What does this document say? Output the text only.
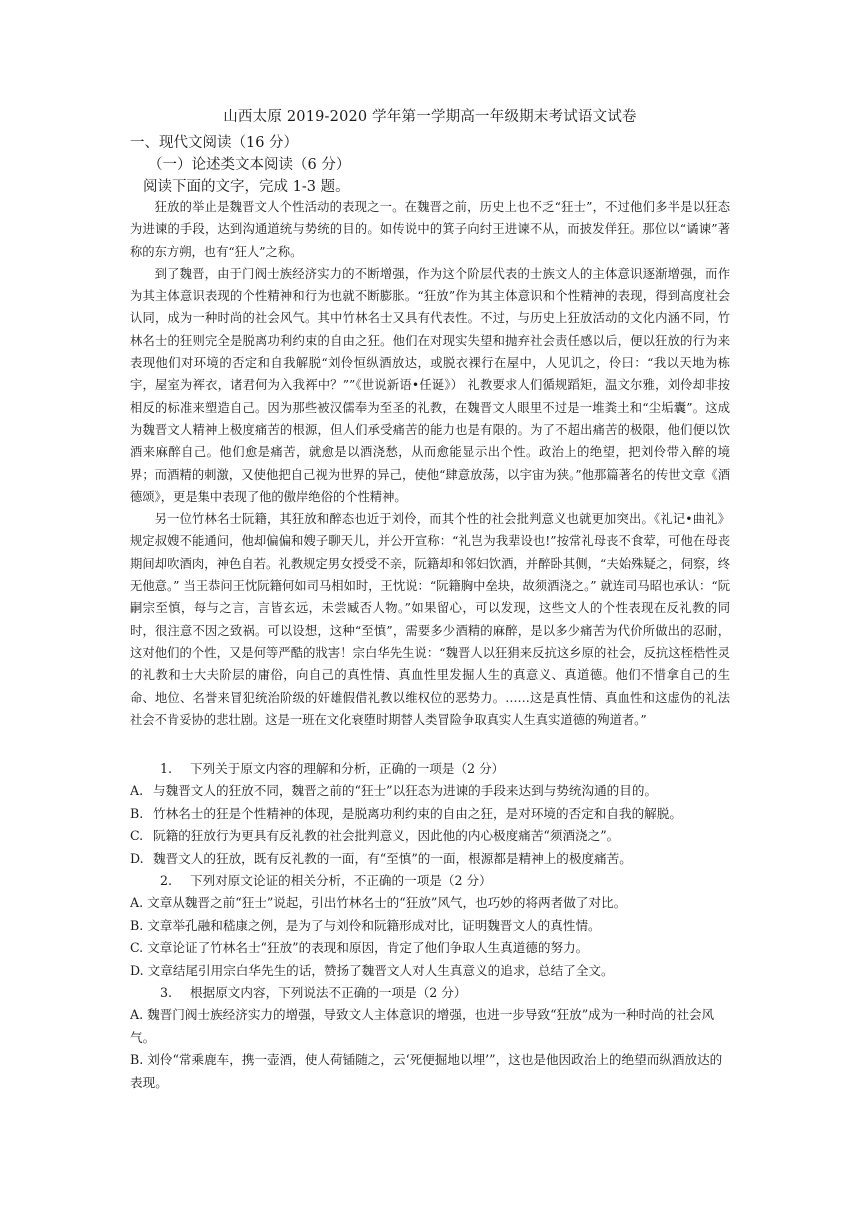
山西太原 2019-2020 学年第一学期高一年级期末考试语文试卷
一、现代文阅读（16 分）
（一）论述类文本阅读（6 分）
阅读下面的文字，完成 1-3 题。

狂放的举止是魏晋文人个性活动的表现之一。在魏晋之前，历史上也不乏“狂士”，不过他们多半是以狂态为进谏的手段，达到沟通道统与势统的目的。如传说中的箕子向纣王进谏不从，而披发佯狂。那位以“谲谏”著称的东方朔，也有“狂人”之称。

到了魏晋，由于门阀士族经济实力的不断增强，作为这个阶层代表的士族文人的主体意识逐渐增强，而作为其主体意识表现的个性精神和行为也就不断膨胀。“狂放”作为其主体意识和个性精神的表现，得到高度社会认同，成为一种时尚的社会风气。其中竹林名士又具有代表性。不过，与历史上狂放活动的文化内涵不同，竹林名士的狂则完全是脱离功利约束的自由之狂。他们在对现实失望和抛弃社会责任感以后，便以狂放的行为来表现他们对环境的否定和自我解脱“刘伶恒纵酒放达，或脱衣裸行在屋中，人见讥之，伶曰：“我以天地为栋宇，屋室为裈衣，诸君何为入我裈中？””《世说新语•任诞》） 礼教要求人们循规蹈矩，温文尔雅，刘伶却非按相反的标准来塑造自己。因为那些被汉儒奉为至圣的礼教，在魏晋文人眼里不过是一堆粪土和“尘垢囊”。这成为魏晋文人精神上极度痛苦的根源，但人们承受痛苦的能力也是有限的。为了不超出痛苦的极限，他们便以饮酒来麻醉自己。他们愈是痛苦，就愈是以酒浇愁，从而愈能显示出个性。政治上的绝望，把刘伶带入醉的境界；而酒精的刺激，又使他把自己视为世界的异己，使他“肆意放荡，以宇宙为狭。”他那篇著名的传世文章《酒德颂》，更是集中表现了他的傲岸绝俗的个性精神。

另一位竹林名士阮籍，其狂放和醉态也近于刘伶，而其个性的社会批判意义也就更加突出。《礼记•曲礼》规定叔嫂不能通问，他却偏偏和嫂子聊天儿，并公开宣称：“礼岂为我辈设也!”按常礼母丧不食荤，可他在母丧期间却吹酒肉，神色自若。礼教规定男女授受不亲，阮籍却和邻妇饮酒，并醉卧其侧，“夫始殊疑之，伺察，终无他意。” 当王恭问王忱阮籍何如司马相如时，王忱说：“阮籍胸中垒块，故须酒浇之。” 就连司马昭也承认：“阮嗣宗至慎，每与之言，言皆玄远，未尝臧否人物。”如果留心，可以发现，这些文人的个性表现在反礼教的同时，很注意不因之致祸。可以设想，这种“至慎”，需要多少酒精的麻醉，是以多少痛苦为代价所做出的忍耐，这对他们的个性，又是何等严酷的戕害！宗白华先生说：“魏晋人以狂狷来反抗这乡原的社会，反抗这桎梏性灵的礼教和士大夫阶层的庸俗，向自己的真性情、真血性里发掘人生的真意义、真道德。他们不惜拿自己的生命、地位、名誉来冒犯统治阶级的奸雄假借礼教以维权位的恶势力。……这是真性情、真血性和这虚伪的礼法社会不肯妥协的悲壮剧。这是一班在文化衰堕时期替人类冒险争取真实人生真实道德的殉道者。”

1. 下列关于原文内容的理解和分析，正确的一项是（2 分）
A. 与魏晋文人的狂放不同，魏晋之前的“狂士”以狂态为进谏的手段来达到与势统沟通的目的。
B. 竹林名士的狂是个性精神的体现，是脱离功利约束的自由之狂，是对环境的否定和自我的解脱。
C. 阮籍的狂放行为更具有反礼教的社会批判意义，因此他的内心极度痛苦“须酒浇之”。
D. 魏晋文人的狂放，既有反礼教的一面，有“至慎”的一面，根源都是精神上的极度痛苦。
2. 下列对原文论证的相关分析，不正确的一项是（2 分）
A. 文章从魏晋之前“狂士”说起，引出竹林名士的“狂放”风气，也巧妙的将两者做了对比。
B. 文章举孔融和嵇康之例，是为了与刘伶和阮籍形成对比，证明魏晋文人的真性情。
C. 文章论证了竹林名士“狂放”的表现和原因，肯定了他们争取人生真道德的努力。
D. 文章结尾引用宗白华先生的话，赞扬了魏晋文人对人生真意义的追求，总结了全文。
3. 根据原文内容，下列说法不正确的一项是（2 分）
A. 魏晋门阀士族经济实力的增强，导致文人主体意识的增强，也进一步导致“狂放”成为一种时尚的社会风气。
B. 刘伶“常乘鹿车，携一壶酒，使人荷锸随之，云‘死便掘地以埋’”，这也是他因政治上的绝望而纵酒放达的表现。
